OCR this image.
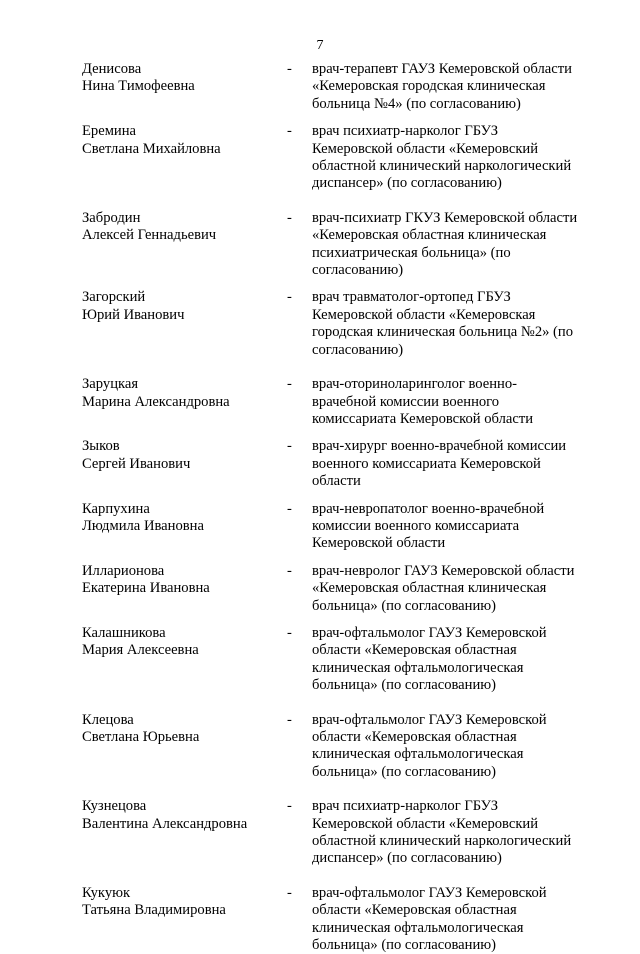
7
Денисова
Нина Тимофеевна
- врач-терапевт ГАУЗ Кемеровской области
«Кемеровская городская клиническая
больница №4» (по согласованию)
Еремина
Светлана Михайловна
- врач психиатр-нарколог ГБУЗ
Кемеровской области «Кемеровский
областной клинический наркологический
диспансер» (по согласованию)
Забродин
Алексей Геннадьевич
- врач-психиатр ГКУЗ Кемеровской области
«Кемеровская областная клиническая
психиатрическая больница» (по
согласованию)
Загорский
Юрий Иванович
- врач травматолог-ортопед ГБУЗ
Кемеровской области «Кемеровская
городская клиническая больница №2» (по
согласованию)
Заруцкая
Марина Александровна
- врач-оториноларинголог военно-
врачебной комиссии военного
комиссариата Кемеровской области
Зыков
Сергей Иванович
- врач-хирург военно-врачебной комиссии
военного комиссариата Кемеровской
области
Карпухина
Людмила Ивановна
- врач-невропатолог военно-врачебной
комиссии военного комиссариата
Кемеровской области
Илларионова
Екатерина Ивановна
- врач-невролог ГАУЗ Кемеровской области
«Кемеровская областная клиническая
больница» (по согласованию)
Калашникова
Мария Алексеевна
- врач-офтальмолог ГАУЗ Кемеровской
области «Кемеровская областная
клиническая офтальмологическая
больница» (по согласованию)
Клецова
Светлана Юрьевна
- врач-офтальмолог ГАУЗ Кемеровской
области «Кемеровская областная
клиническая офтальмологическая
больница» (по согласованию)
Кузнецова
Валентина Александровна
- врач психиатр-нарколог ГБУЗ
Кемеровской области «Кемеровский
областной клинический наркологический
диспансер» (по согласованию)
Кукуюк
Татьяна Владимировна
- врач-офтальмолог ГАУЗ Кемеровской
области «Кемеровская областная
клиническая офтальмологическая
больница» (по согласованию)
